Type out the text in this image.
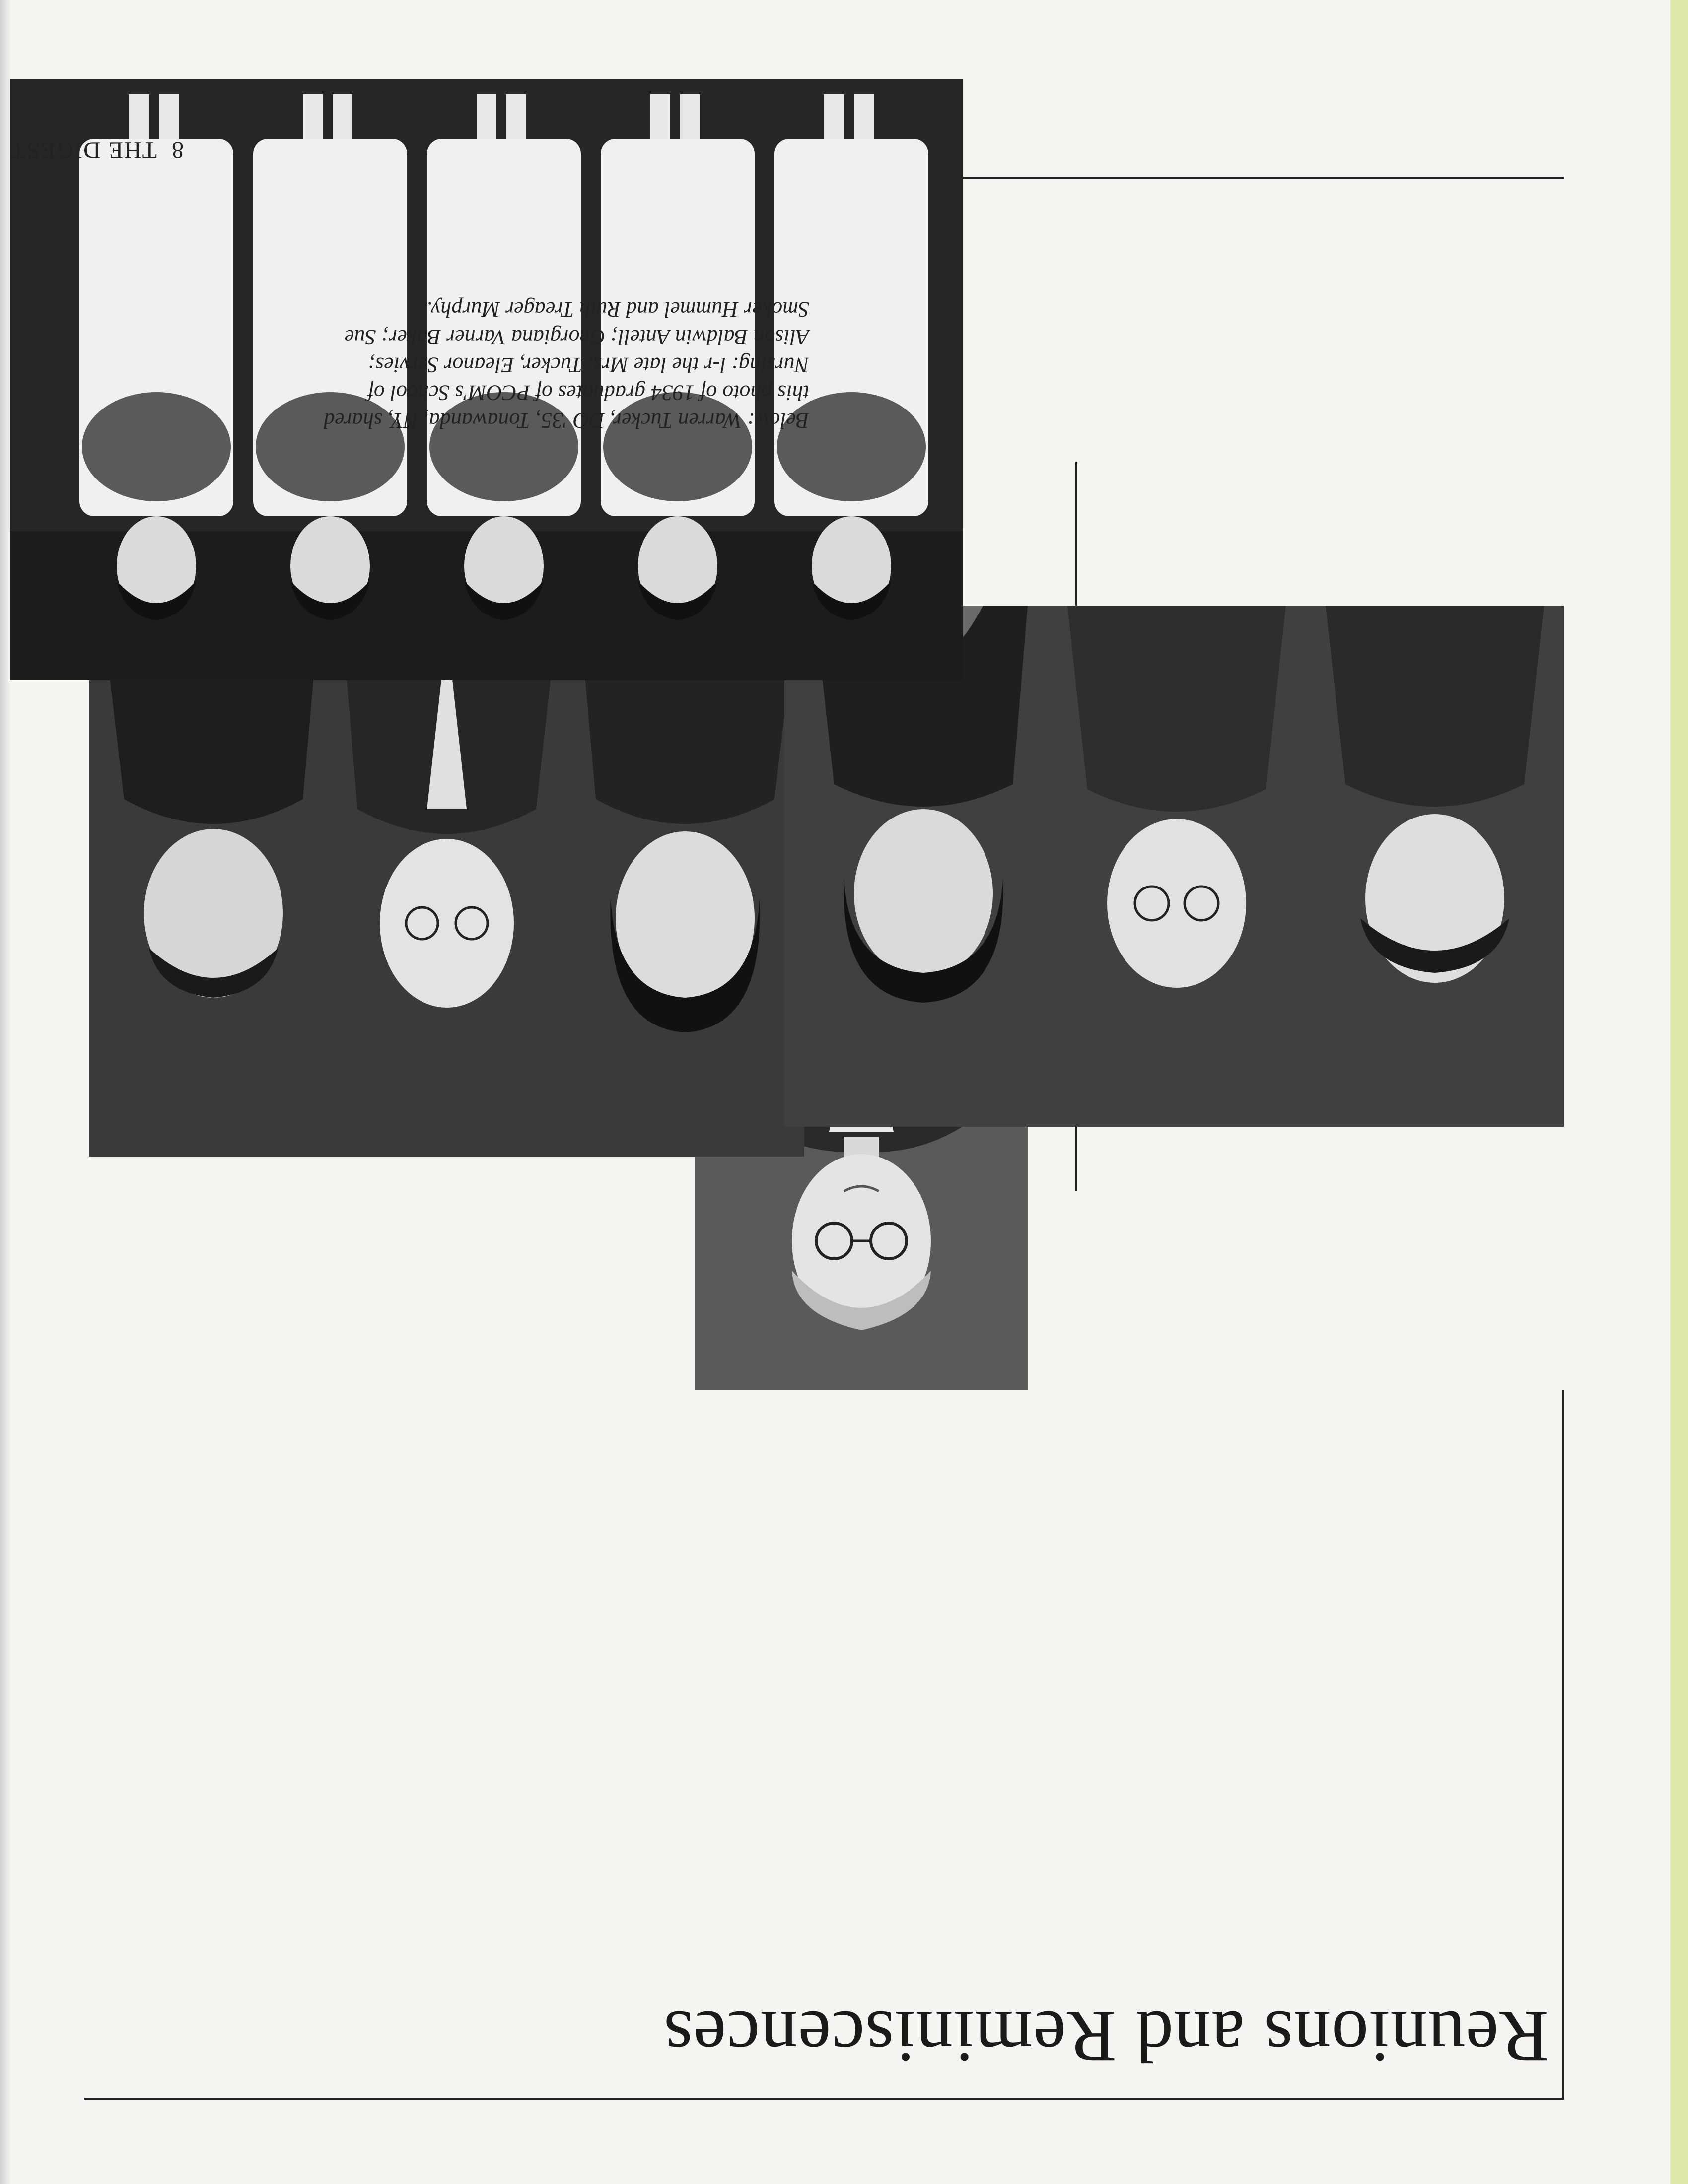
Reunions and Reminiscences

Below: Warren Tucker, DO '35, Tonawanda, NY, shared this photo of 1934 graduates of PCOM's School of Nursing: l-r the late Mrs. Tucker, Eleanor Servies; Alison Baldwin Antell; Georgiana Varner Baker; Sue Smoker Hummel and Ruth Treager Murphy.

8THE DIGEST
